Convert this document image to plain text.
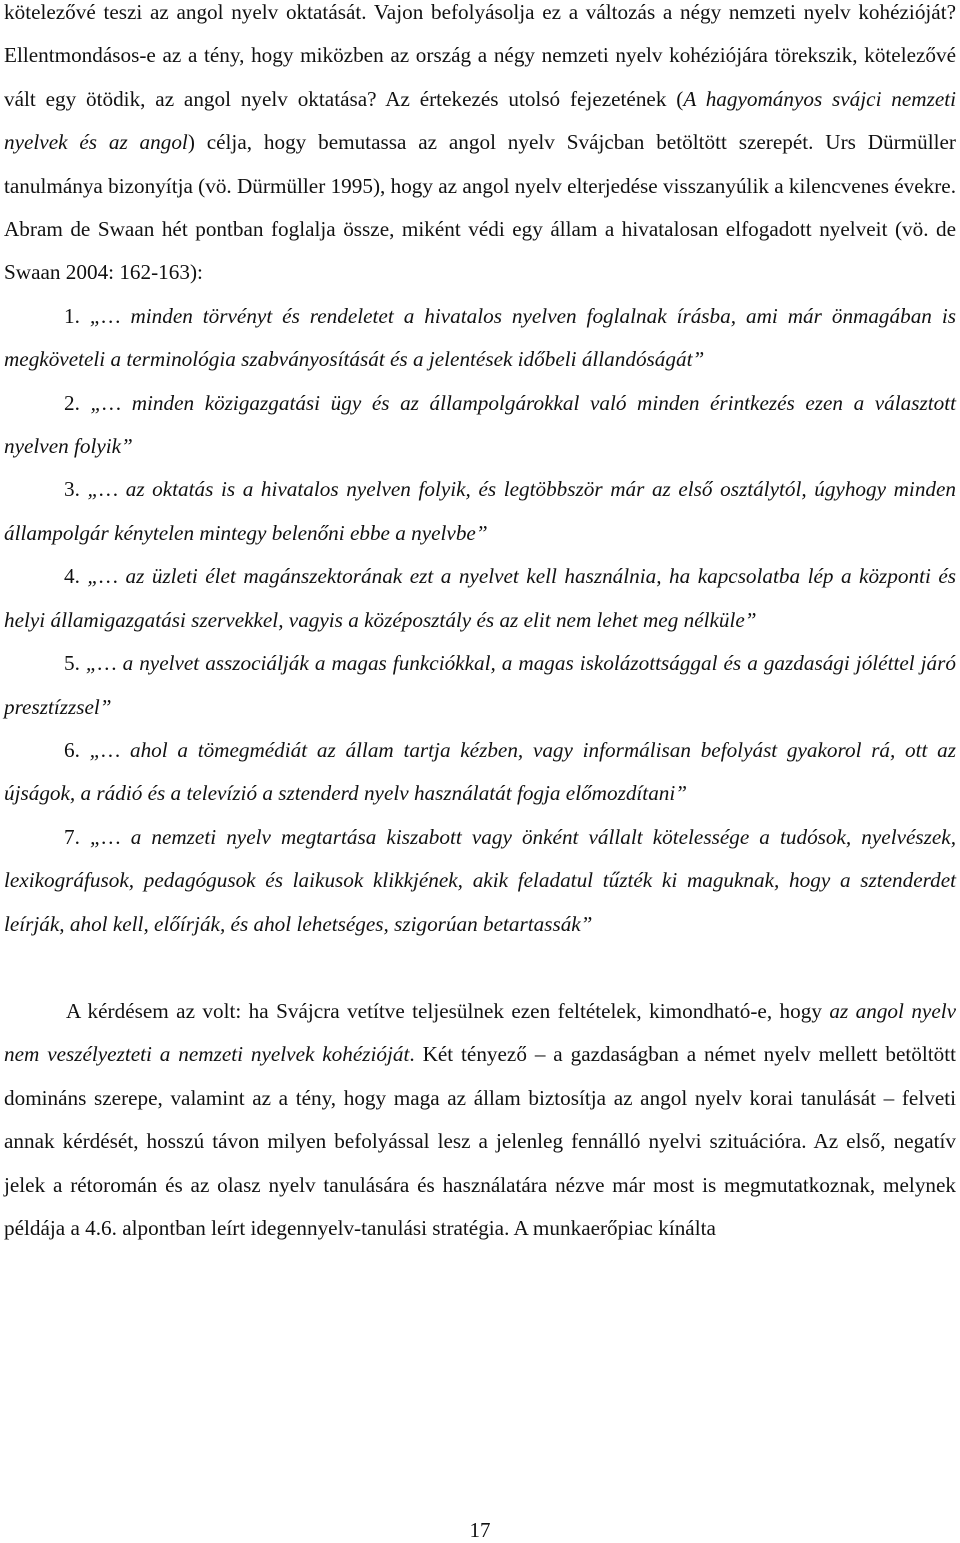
kötelezővé teszi az angol nyelv oktatását. Vajon befolyásolja ez a változás a négy nemzeti nyelv kohézióját? Ellentmondásos-e az a tény, hogy miközben az ország a négy nemzeti nyelv kohéziójára törekszik, kötelezővé vált egy ötödik, az angol nyelv oktatása? Az értekezés utolsó fejezetének (A hagyományos svájci nemzeti nyelvek és az angol) célja, hogy bemutassa az angol nyelv Svájcban betöltött szerepét. Urs Dürmüller tanulmánya bizonyítja (vö. Dürmüller 1995), hogy az angol nyelv elterjedése visszanyúlik a kilencvenes évekre. Abram de Swaan hét pontban foglalja össze, miként védi egy állam a hivatalosan elfogadott nyelveit (vö. de Swaan 2004: 162-163):

1. „… minden törvényt és rendeletet a hivatalos nyelven foglalnak írásba, ami már önmagában is megköveteli a terminológia szabványosítását és a jelentések időbeli állandóságát”

2. „… minden közigazgatási ügy és az állampolgárokkal való minden érintkezés ezen a választott nyelven folyik”

3. „… az oktatás is a hivatalos nyelven folyik, és legtöbbször már az első osztálytól, úgyhogy minden állampolgár kénytelen mintegy belenőni ebbe a nyelvbe”

4. „… az üzleti élet magánszektorának ezt a nyelvet kell használnia, ha kapcsolatba lép a központi és helyi államigazgatási szervekkel, vagyis a középosztály és az elit nem lehet meg nélküle”

5. „… a nyelvet asszociálják a magas funkciókkal, a magas iskolázottsággal és a gazdasági jóléttel járó presztízzsel”

6. „… ahol a tömegmédiát az állam tartja kézben, vagy informálisan befolyást gyakorol rá, ott az újságok, a rádió és a televízió a sztenderd nyelv használatát fogja előmozdítani”

7. „… a nemzeti nyelv megtartása kiszabott vagy önként vállalt kötelessége a tudósok, nyelvészek, lexikográfusok, pedagógusok és laikusok klikkjének, akik feladatul tűzték ki maguknak, hogy a sztenderdet leírják, ahol kell, előírják, és ahol lehetséges, szigorúan betartassák”

A kérdésem az volt: ha Svájcra vetítve teljesülnek ezen feltételek, kimondható-e, hogy az angol nyelv nem veszélyezteti a nemzeti nyelvek kohézióját. Két tényező – a gazdaságban a német nyelv mellett betöltött domináns szerepe, valamint az a tény, hogy maga az állam biztosítja az angol nyelv korai tanulását – felveti annak kérdését, hosszú távon milyen befolyással lesz a jelenleg fennálló nyelvi szituációra. Az első, negatív jelek a rétoromán és az olasz nyelv tanulására és használatára nézve már most is megmutatkoznak, melynek példája a 4.6. alpontban leírt idegennyelv-tanulási stratégia. A munkaerőpiac kínálta

17
